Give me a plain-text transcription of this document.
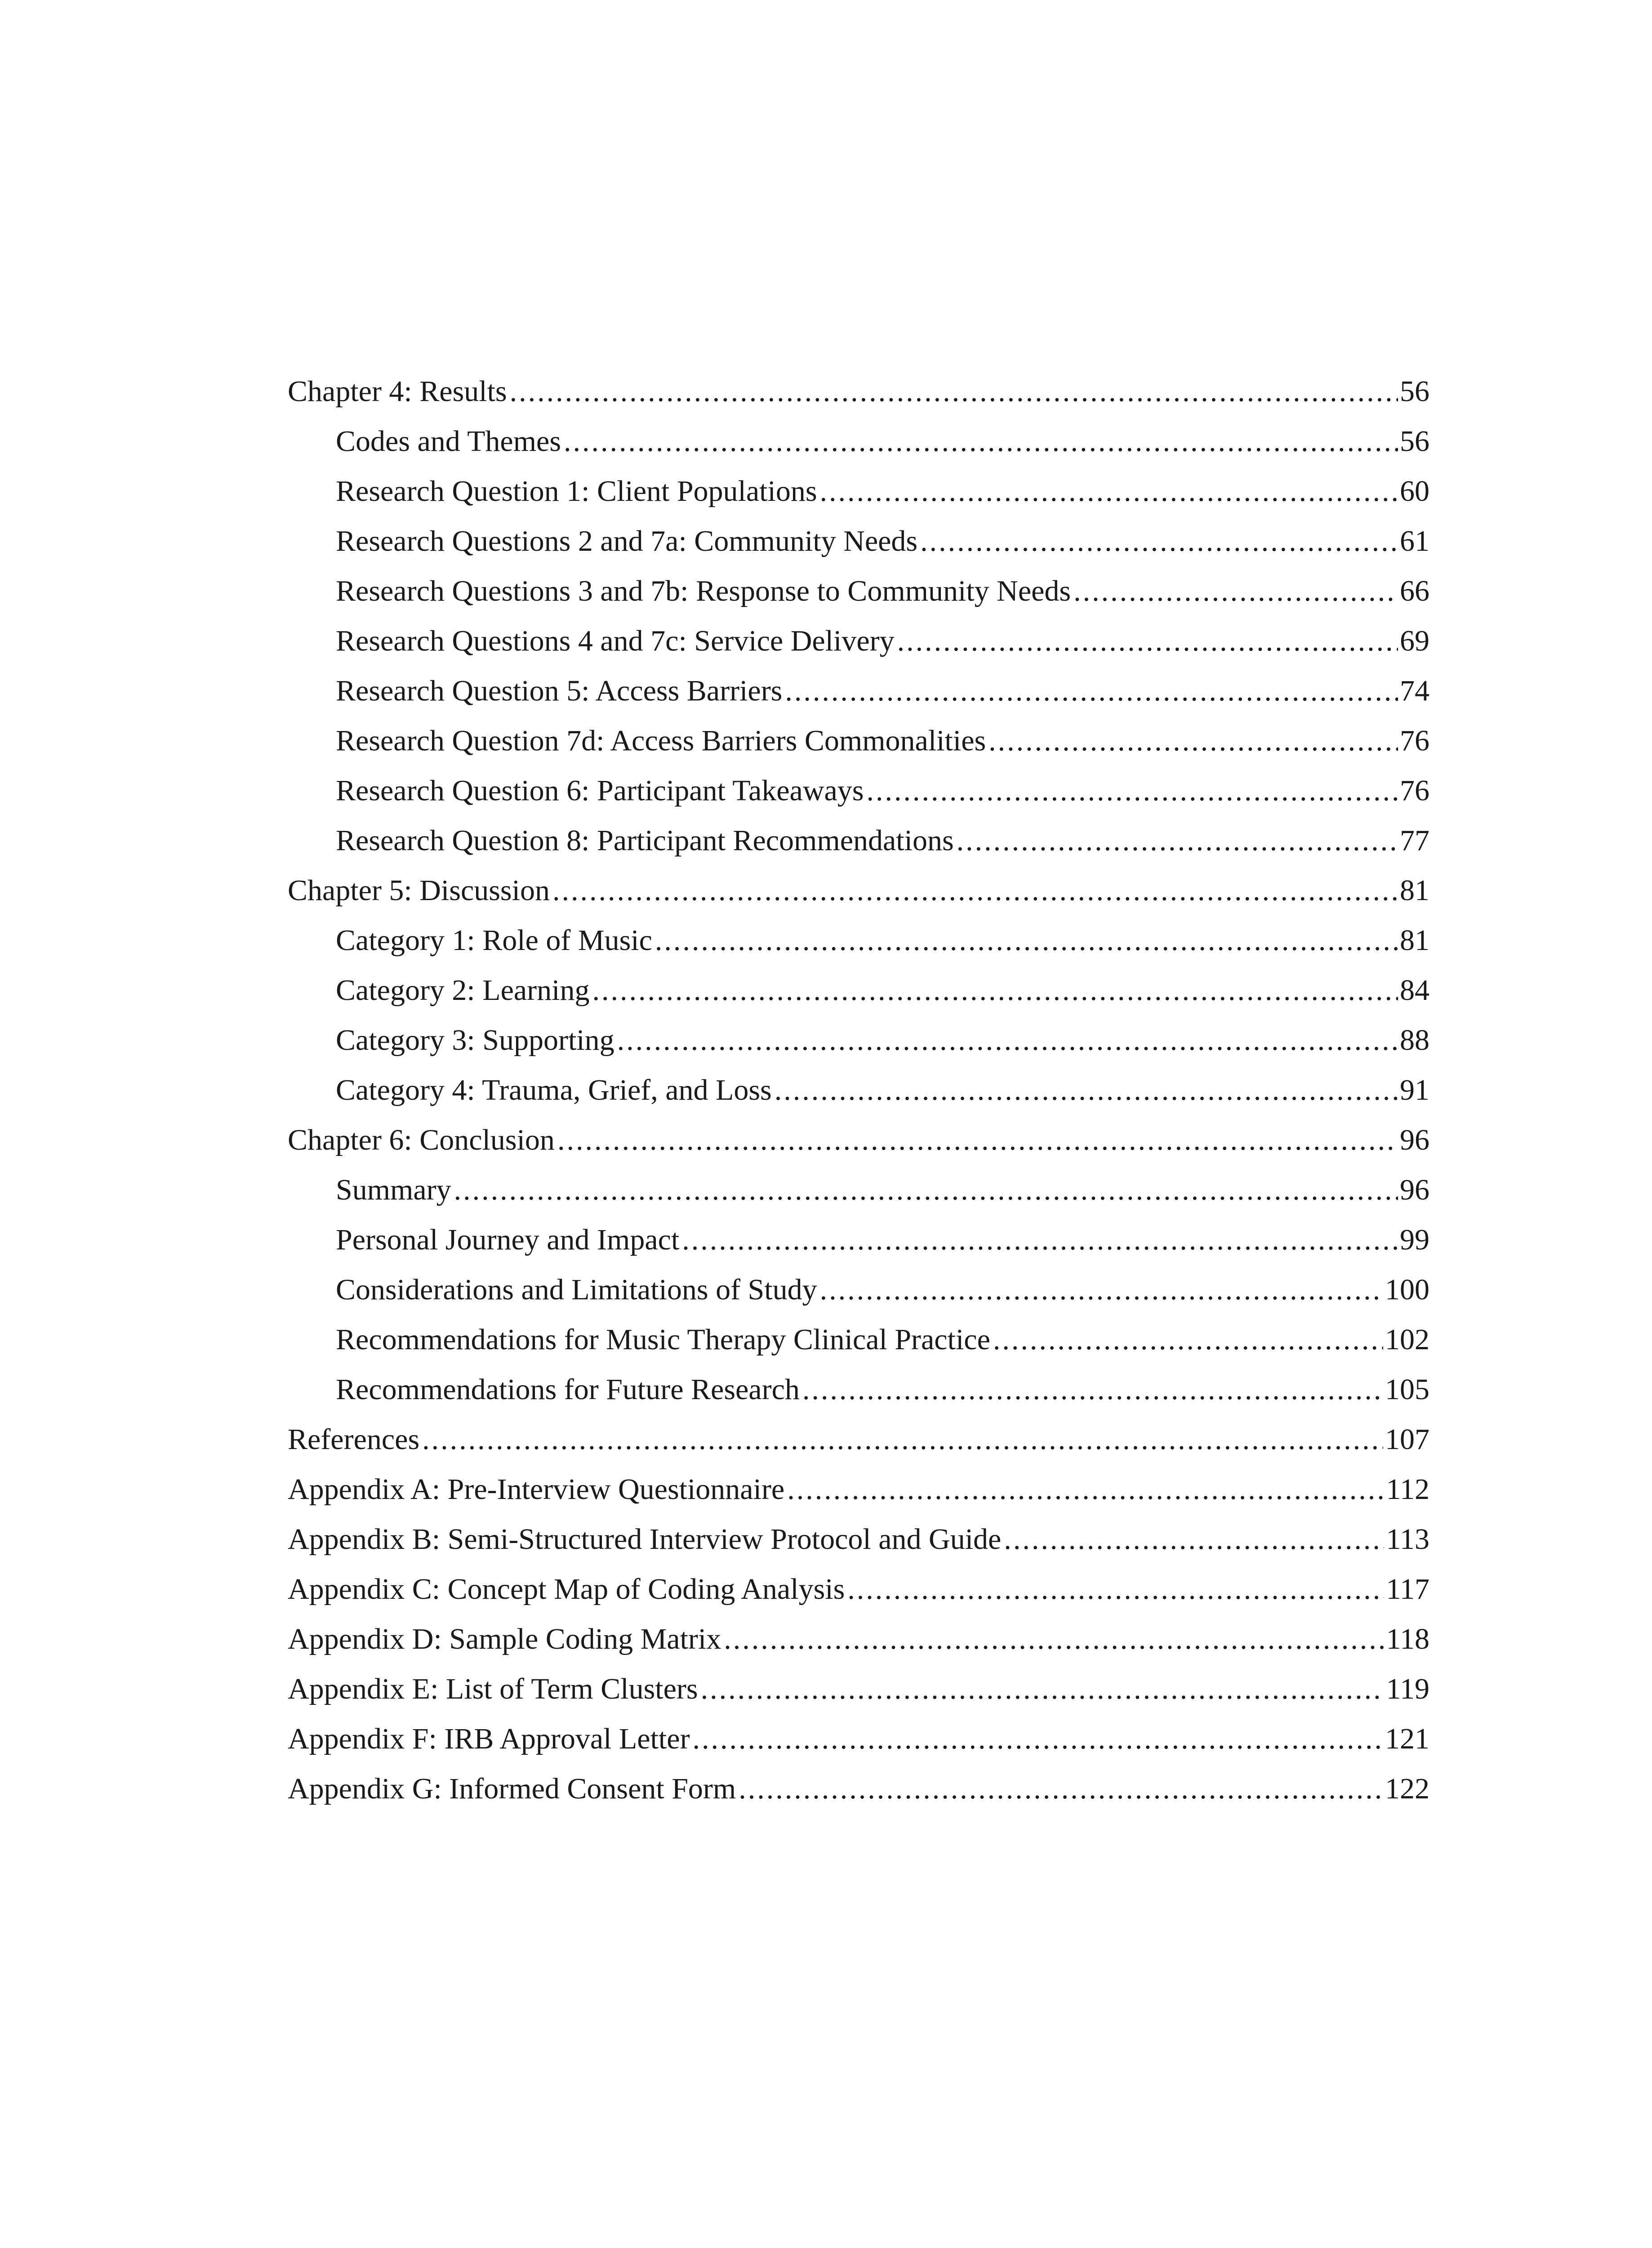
Chapter 4: Results .....	56
Codes and Themes .....	56
Research Question 1: Client Populations .....	60
Research Questions 2 and 7a: Community Needs .....	61
Research Questions 3 and 7b: Response to Community Needs .....	66
Research Questions 4 and 7c: Service Delivery .....	69
Research Question 5: Access Barriers .....	74
Research Question 7d: Access Barriers Commonalities .....	76
Research Question 6: Participant Takeaways .....	76
Research Question 8: Participant Recommendations .....	77
Chapter 5: Discussion .....	81
Category 1: Role of Music .....	81
Category 2: Learning .....	84
Category 3: Supporting .....	88
Category 4: Trauma, Grief, and Loss .....	91
Chapter 6: Conclusion .....	96
Summary .....	96
Personal Journey and Impact .....	99
Considerations and Limitations of Study .....	100
Recommendations for Music Therapy Clinical Practice .....	102
Recommendations for Future Research .....	105
References .....	107
Appendix A: Pre-Interview Questionnaire .....	112
Appendix B: Semi-Structured Interview Protocol and Guide .....	113
Appendix C: Concept Map of Coding Analysis .....	117
Appendix D: Sample Coding Matrix .....	118
Appendix E: List of Term Clusters .....	119
Appendix F: IRB Approval Letter .....	121
Appendix G: Informed Consent Form .....	122
